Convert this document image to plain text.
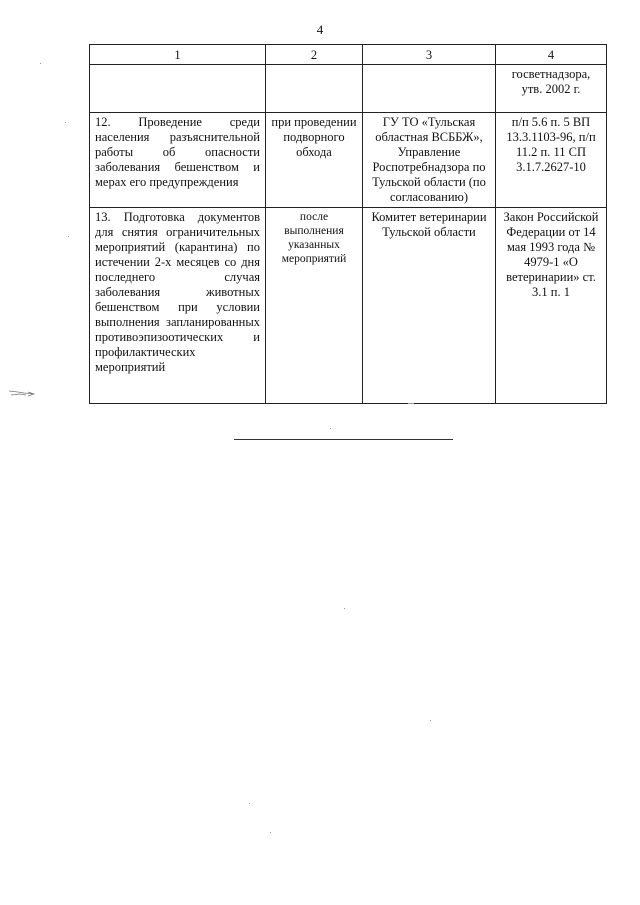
4
1	2	3	4
			госветнадзора, утв. 2002 г.
12. Проведение среди населения разъяснительной работы об опасности заболевания бешенством и мерах его предупреждения	при проведении подворного обхода	ГУ ТО «Тульская областная ВСББЖ», Управление Роспотребнадзора по Тульской области (по согласованию)	п/п 5.6 п. 5 ВП 13.3.1103-96, п/п 11.2 п. 11 СП 3.1.7.2627-10
13. Подготовка документов для снятия ограничительных мероприятий (карантина) по истечении 2-х месяцев со дня последнего случая заболевания животных бешенством при условии выполнения запланированных противоэпизоотических и профилактических мероприятий	после выполнения указанных мероприятий	Комитет ветеринарии Тульской области	Закон Российской Федерации от 14 мая 1993 года № 4979-1 «О ветеринарии» ст. 3.1 п. 1
